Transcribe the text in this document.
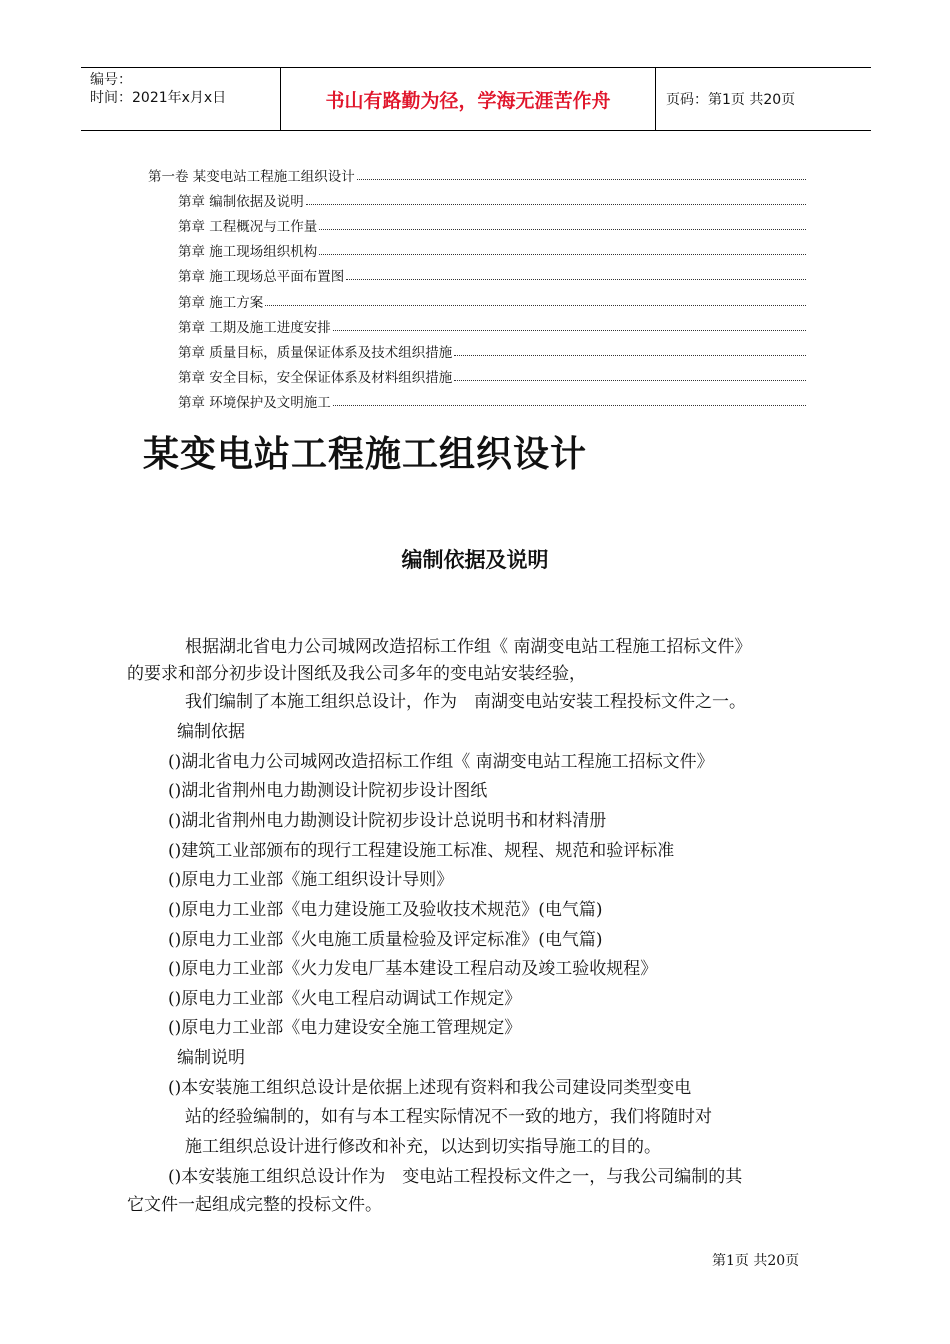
编号：
时间：2021年x月x日	书山有路勤为径，学海无涯苦作舟	页码：第1页 共20页
第一卷 某变电站工程施工组织设计
第章 编制依据及说明
第章 工程概况与工作量
第章 施工现场组织机构
第章 施工现场总平面布置图
第章 施工方案
第章 工期及施工进度安排
第章 质量目标，质量保证体系及技术组织措施
第章 安全目标，安全保证体系及材料组织措施
第章 环境保护及文明施工
某变电站工程施工组织设计
编制依据及说明
根据湖北省电力公司城网改造招标工作组《 南湖变电站工程施工招标文件》
的要求和部分初步设计图纸及我公司多年的变电站安装经验，
我们编制了本施工组织总设计，作为　南湖变电站安装工程投标文件之一。
编制依据
()湖北省电力公司城网改造招标工作组《 南湖变电站工程施工招标文件》
()湖北省荆州电力勘测设计院初步设计图纸
()湖北省荆州电力勘测设计院初步设计总说明书和材料清册
()建筑工业部颁布的现行工程建设施工标准、规程、规范和验评标准
()原电力工业部《施工组织设计导则》
()原电力工业部《电力建设施工及验收技术规范》(电气篇)
()原电力工业部《火电施工质量检验及评定标准》(电气篇)
()原电力工业部《火力发电厂基本建设工程启动及竣工验收规程》
()原电力工业部《火电工程启动调试工作规定》
()原电力工业部《电力建设安全施工管理规定》
编制说明
()本安装施工组织总设计是依据上述现有资料和我公司建设同类型变电
站的经验编制的，如有与本工程实际情况不一致的地方，我们将随时对
施工组织总设计进行修改和补充，以达到切实指导施工的目的。
()本安装施工组织总设计作为　变电站工程投标文件之一，与我公司编制的其
它文件一起组成完整的投标文件。
第1页 共20页
